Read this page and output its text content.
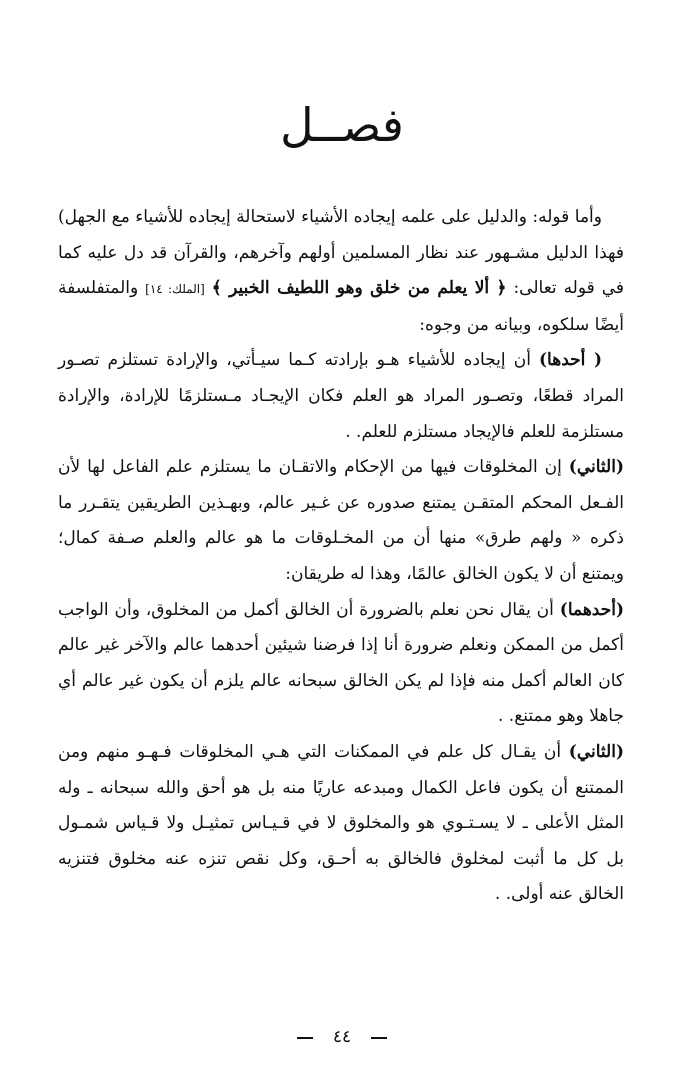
فصــل

وأما قوله: والدليل على علمه إيجاده الأشياء لاستحالة إيجاده للأشياء مع الجهل) فهذا الدليل مشـهور عند نظار المسلمين أولهم وآخرهم، والقرآن قد دل عليه كما في قوله تعالى: ﴿ ألا يعلم من خلق وهو اللطيف الخبير ﴾ [الملك: ١٤] والمتفلسفة أيضًا سلكوه، وبيانه من وجوه:

( أحدها) أن إيجاده للأشياء هـو بإرادته كـما سيـأتي، والإرادة تستلزم تصـور المراد قطعًا، وتصـور المراد هو العلم فكان الإيجـاد مـستلزمًا للإرادة، والإرادة مستلزمة للعلم فالإيجاد مستلزم للعلم. .

(الثاني) إن المخلوقات فيها من الإحكام والاتقـان ما يستلزم علم الفاعل لها لأن الفـعل المحكم المتقـن يمتنع صدوره عن غـير عالم، وبهـذين الطريقين يتقـرر ما ذكره « ولهم طرق» منها أن من المخـلوقات ما هو عالم والعلم صـفة كمال؛ ويمتنع أن لا يكون الخالق عالمًا، وهذا له طريقان:

(أحدهما) أن يقال نحن نعلم بالضرورة أن الخالق أكمل من المخلوق، وأن الواجب أكمل من الممكن ونعلم ضرورة أنا إذا فرضنا شيئين أحدهما عالم والآخر غير عالم كان العالم أكمل منه فإذا لم يكن الخالق سبحانه عالم يلزم أن يكون غير عالم أي جاهلا وهو ممتنع. .

(الثاني) أن يقـال كل علم في الممكنات التي هـي المخلوقات فـهـو منهم ومن الممتنع أن يكون فاعل الكمال ومبدعه عاريًا منه بل هو أحق والله سبحانه ـ وله المثل الأعلى ـ لا يسـتـوي هو والمخلوق لا في قـيـاس تمثيـل ولا قـياس شمـول بل كل ما أثبت لمخلوق فالخالق به أحـق، وكل نقص تنزه عنه مخلوق فتنزيه الخالق عنه أولى. .

٤٤
